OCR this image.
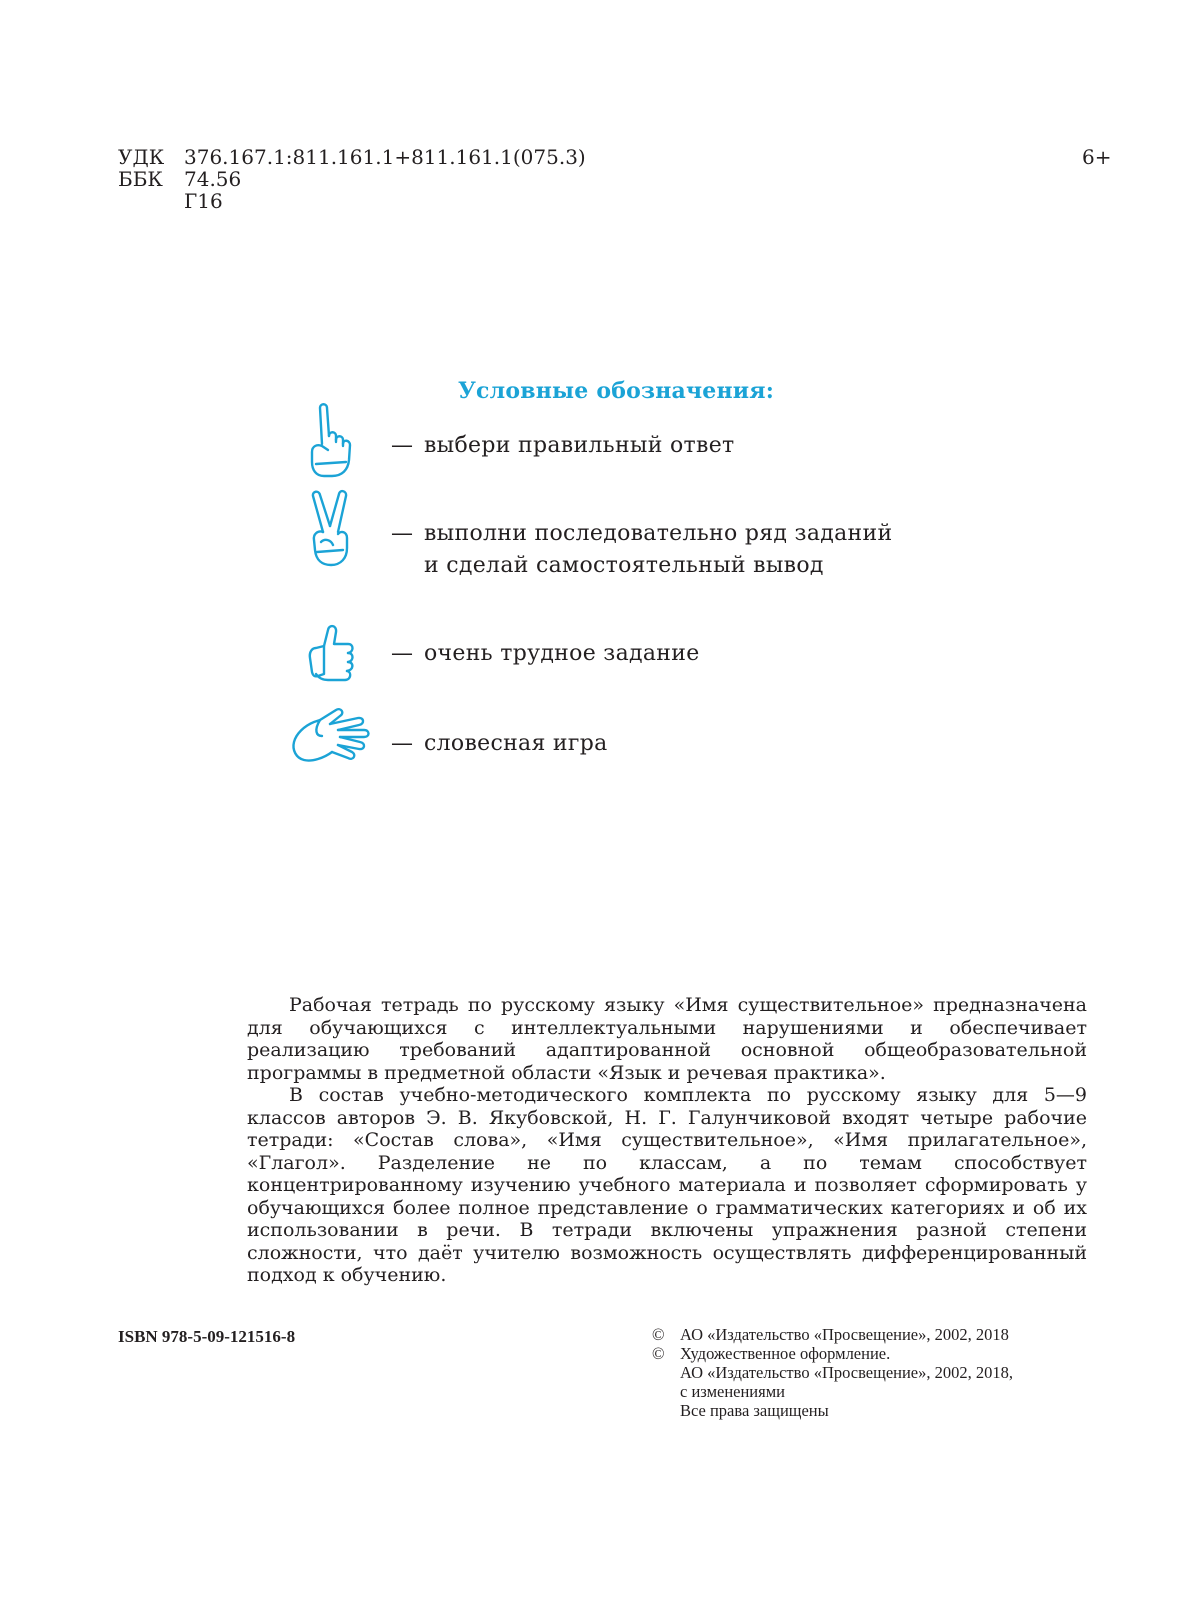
УДК 376.167.1:811.161.1+811.161.1(075.3)
ББК	74.56
Г16
6+
Условные обозначения:
— выбери правильный ответ
— выполни последовательно ряд заданий
и сделай самостоятельный вывод
— очень трудное задание
— словесная игра

Рабочая тетрадь по русскому языку «Имя существительное» предназначена для обучающихся с интеллектуальными нарушениями и обеспечивает реализацию требований адаптированной основной общеобразовательной программы в предметной области «Язык и речевая практика».

В состав учебно-методического комплекта по русскому языку для 5—9 классов авторов Э. В. Якубовской, Н. Г. Галунчиковой входят четыре рабочие тетради: «Состав слова», «Имя существительное», «Имя прилагательное», «Глагол». Разделение не по классам, а по темам способствует концентрированному изучению учебного материала и позволяет сформировать у обучающихся более полное представление о грамматических категориях и об их использовании в речи. В тетради включены упражнения разной степени сложности, что даёт учителю возможность осуществлять дифференцированный подход к обучению.

ISBN 978-5-09-121516-8	© АО «Издательство «Просвещение», 2002, 2018
© Художественное оформление.
АО «Издательство «Просвещение», 2002, 2018,
с изменениями
Все права защищены
